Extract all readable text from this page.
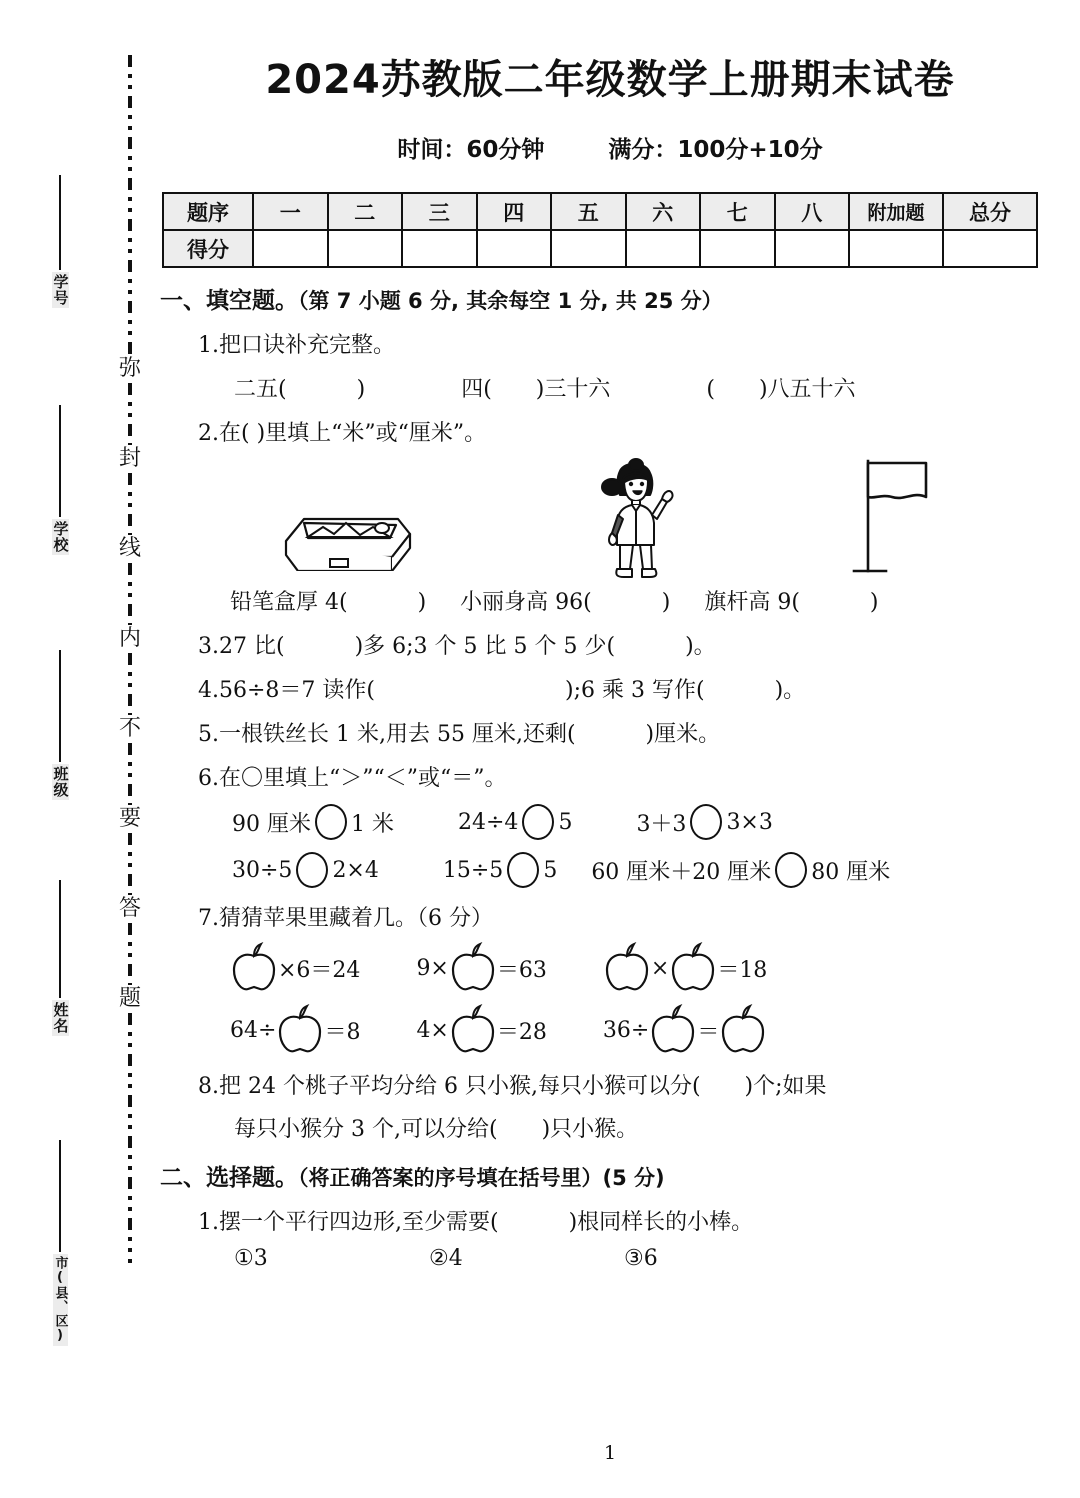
学号
学校
班级
姓名
市(县、区)
弥
封
线
内
不
要
答
题
2024苏教版二年级数学上册期末试卷
时间：60分钟	满分：100分+10分
题序	一	二	三	四	五	六	七	八	附加题	总分
得分										
一、填空题。（第 7 小题 6 分, 其余每空 1 分, 共 25 分）
1.把口诀补充完整。
二五(	)	四( )三十六	( )八五十六
2.在( )里填上“米”或“厘米”。
铅笔盒厚 4(	) 小丽身高 96(	) 旗杆高 9(	)
3.27 比(	)多 6;3 个 5 比 5 个 5 少(	)。
4.56÷8＝7 读作(	);6 乘 3 写作(	)。
5.一根铁丝长 1 米,用去 55 厘米,还剩(	)厘米。
6.在〇里填上“＞”“＜”或“＝”。
90 厘米 1 米	24÷4 5	3＋3 3×3
30÷5 2×4	15÷5 5 60 厘米＋20 厘米 80 厘米
7.猜猜苹果里藏着几。（6 分）
×6＝24	9× ＝63	× ＝18
64÷ ＝8	4× ＝28	36÷ ＝
8.把 24 个桃子平均分给 6 只小猴,每只小猴可以分( )个;如果
每只小猴分 3 个,可以分给( )只小猴。
二、选择题。（将正确答案的序号填在括号里）(5 分)
1.摆一个平行四边形,至少需要(	)根同样长的小棒。
①3	②4	③6
1
